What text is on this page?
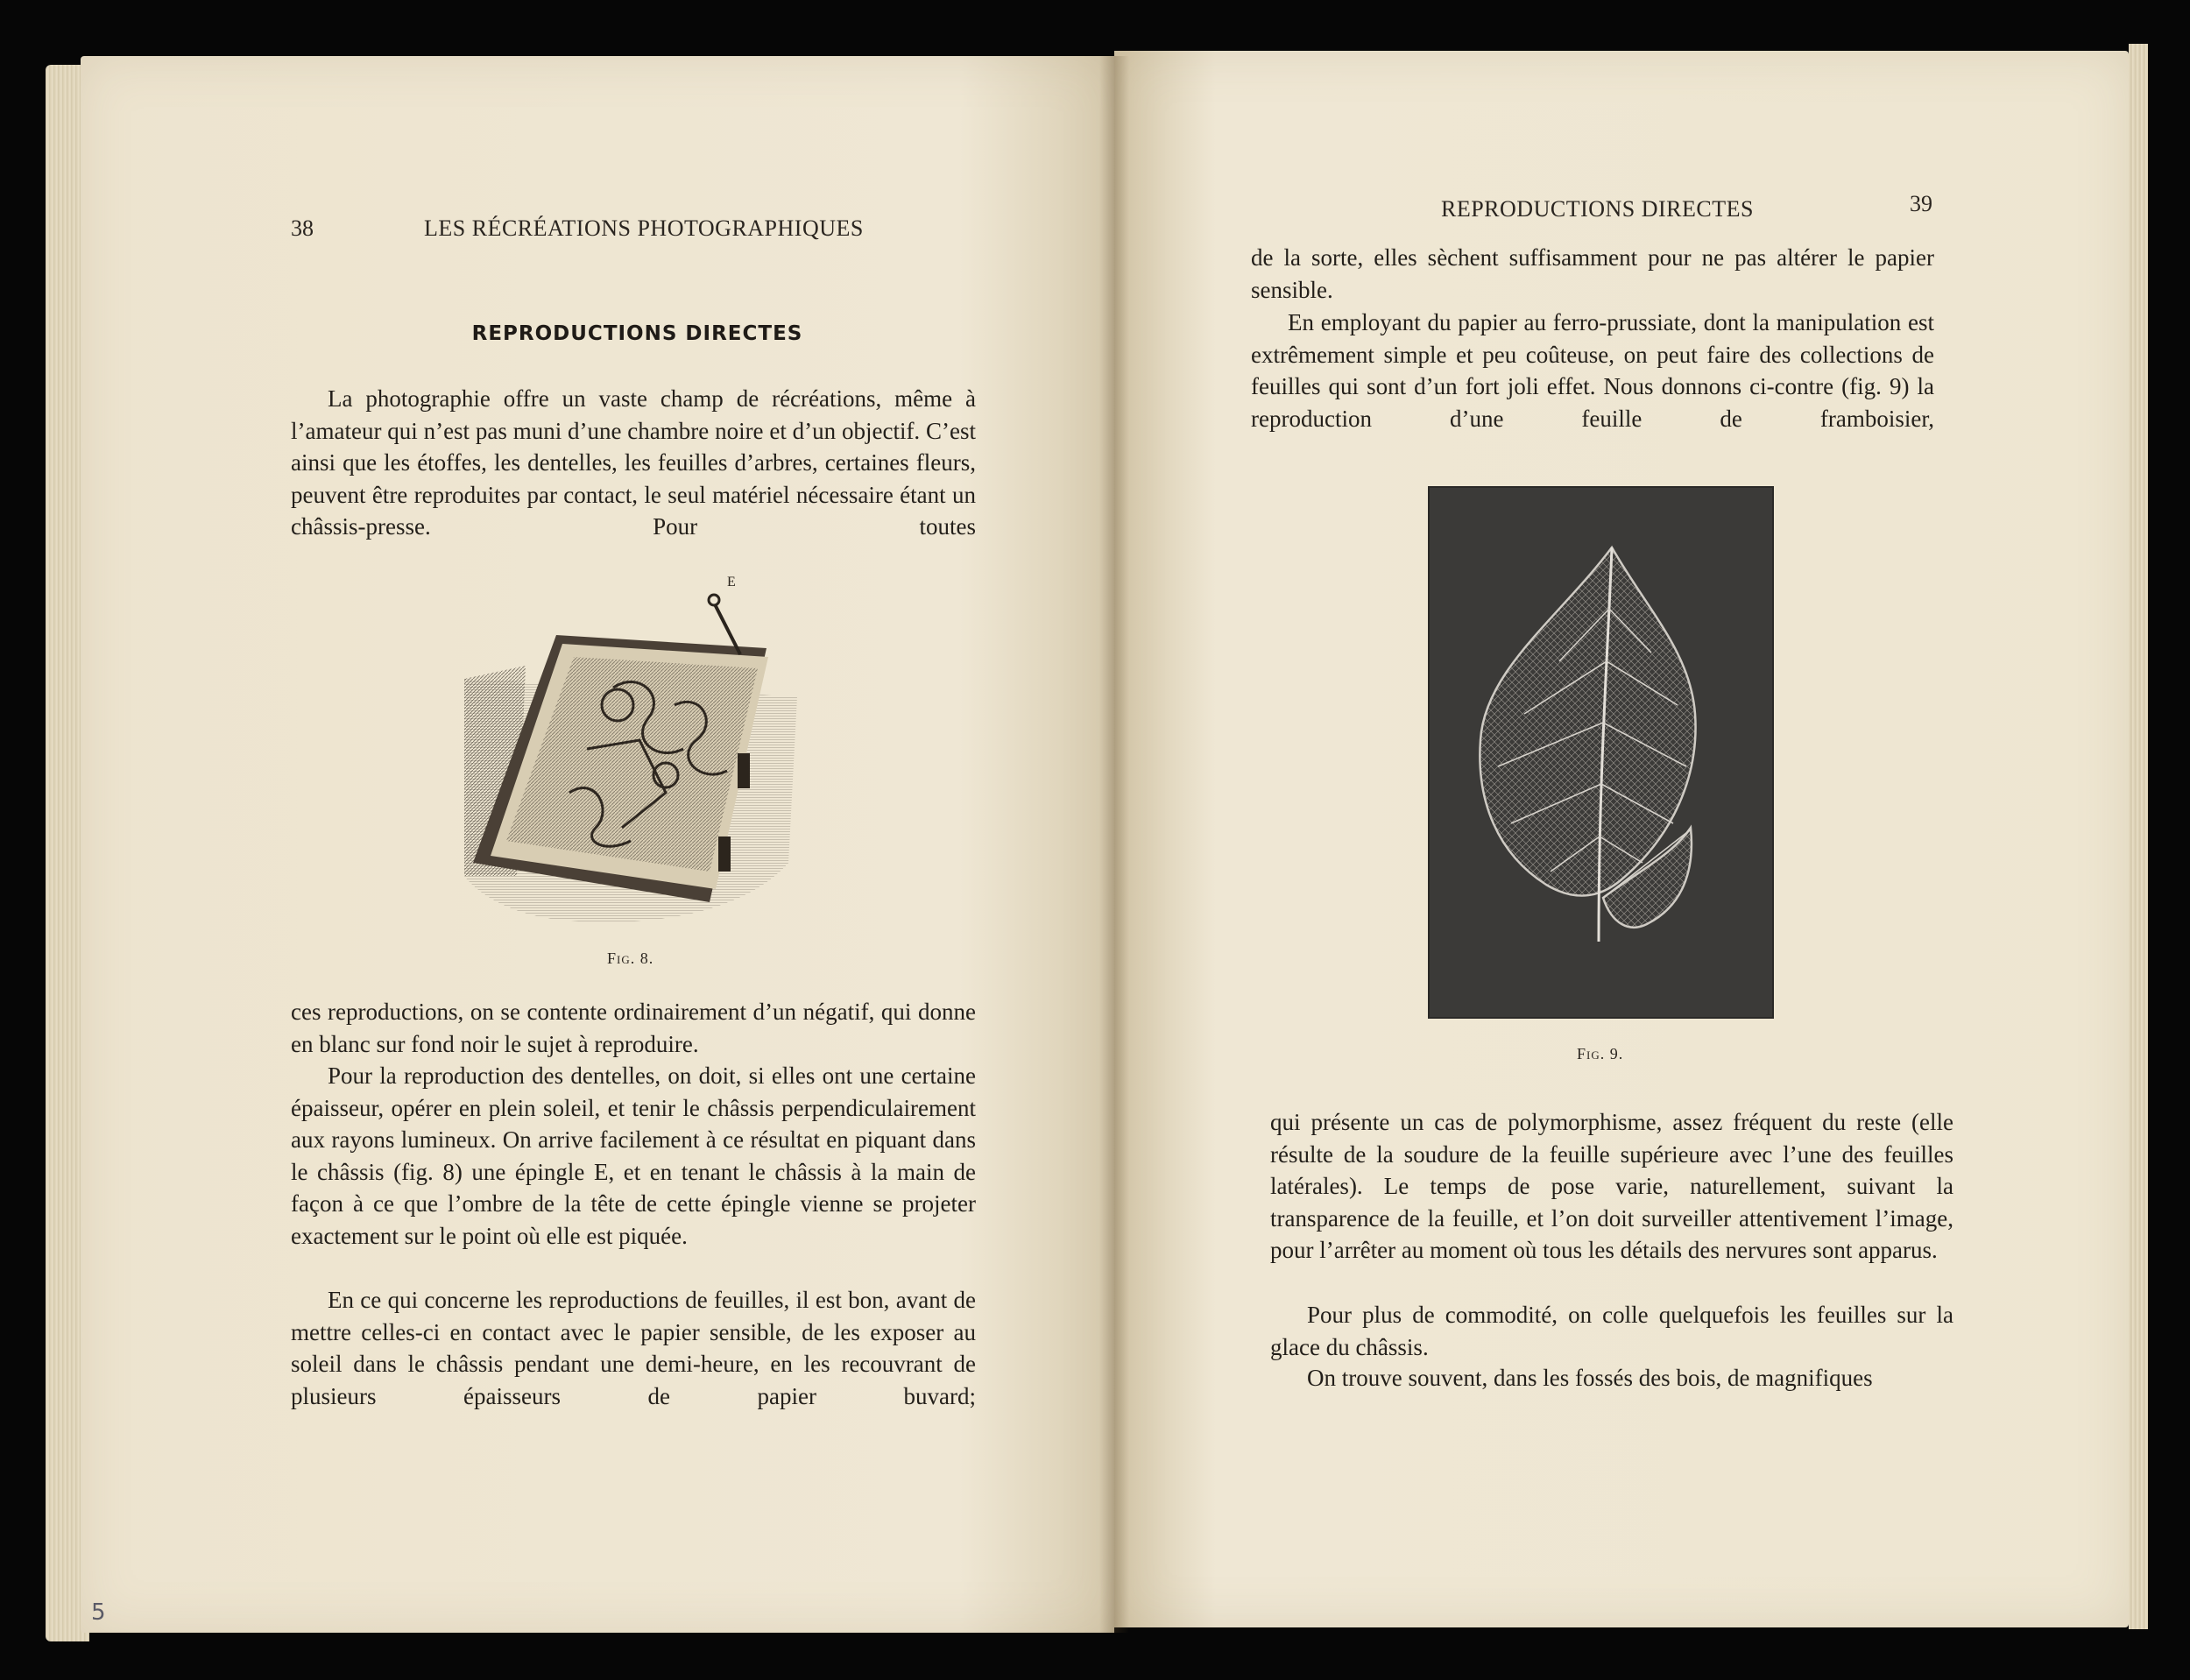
38	LES RÉCRÉATIONS PHOTOGRAPHIQUES
REPRODUCTIONS DIRECTES
La photographie offre un vaste champ de récréations, même à l’amateur qui n’est pas muni d’une chambre noire et d’un objectif. C’est ainsi que les étoffes, les dentelles, les feuilles d’arbres, certaines fleurs, peuvent être reproduites par contact, le seul matériel nécessaire étant un châssis-presse. Pour toutes
E
Fig. 8.
ces reproductions, on se contente ordinairement d’un négatif, qui donne en blanc sur fond noir le sujet à reproduire.
Pour la reproduction des dentelles, on doit, si elles ont une certaine épaisseur, opérer en plein soleil, et tenir le châssis perpendiculairement aux rayons lumineux. On arrive facilement à ce résultat en piquant dans le châssis (fig. 8) une épingle E, et en tenant le châssis à la main de façon à ce que l’ombre de la tête de cette épingle vienne se projeter exactement sur le point où elle est piquée.
En ce qui concerne les reproductions de feuilles, il est bon, avant de mettre celles-ci en contact avec le papier sensible, de les exposer au soleil dans le châssis pendant une demi-heure, en les recouvrant de plusieurs épaisseurs de papier buvard;
REPRODUCTIONS DIRECTES	39
de la sorte, elles sèchent suffisamment pour ne pas altérer le papier sensible.
En employant du papier au ferro-prussiate, dont la manipulation est extrêmement simple et peu coûteuse, on peut faire des collections de feuilles qui sont d’un fort joli effet. Nous donnons ci-contre (fig. 9) la reproduction d’une feuille de framboisier,
Fig. 9.
qui présente un cas de polymorphisme, assez fréquent du reste (elle résulte de la soudure de la feuille supérieure avec l’une des feuilles latérales). Le temps de pose varie, naturellement, suivant la transparence de la feuille, et l’on doit surveiller attentivement l’image, pour l’arrêter au moment où tous les détails des nervures sont apparus.
Pour plus de commodité, on colle quelquefois les feuilles sur la glace du châssis.
On trouve souvent, dans les fossés des bois, de magnifiques
5
